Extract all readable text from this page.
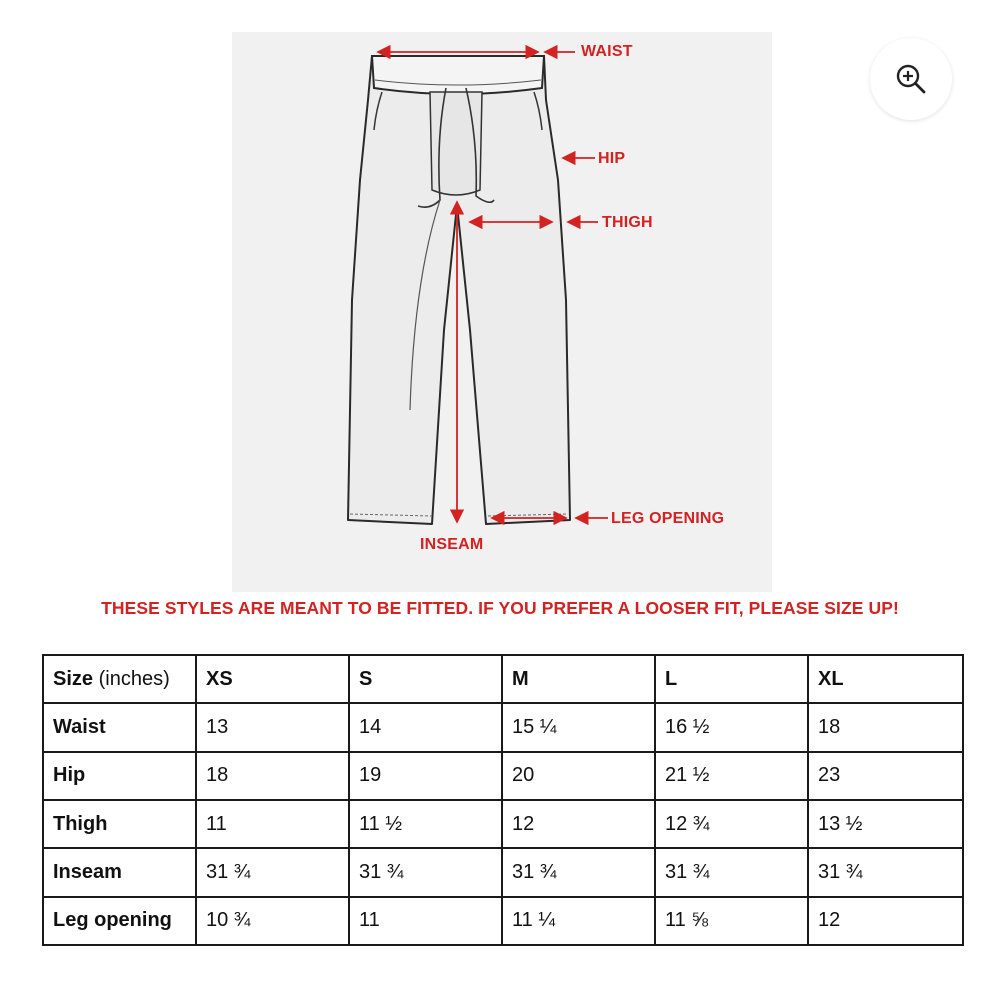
WAIST
HIP
THIGH
LEG OPENING
INSEAM
THESE STYLES ARE MEANT TO BE FITTED. IF YOU PREFER A LOOSER FIT, PLEASE SIZE UP!
Size (inches)	XS	S	M	L	XL
Waist	13	14	15 ¼	16 ½	18
Hip	18	19	20	21 ½	23
Thigh	11	11 ½	12	12 ¾	13 ½
Inseam	31 ¾	31 ¾	31 ¾	31 ¾	31 ¾
Leg opening	10 ¾	11	11 ¼	11 ⅝	12
